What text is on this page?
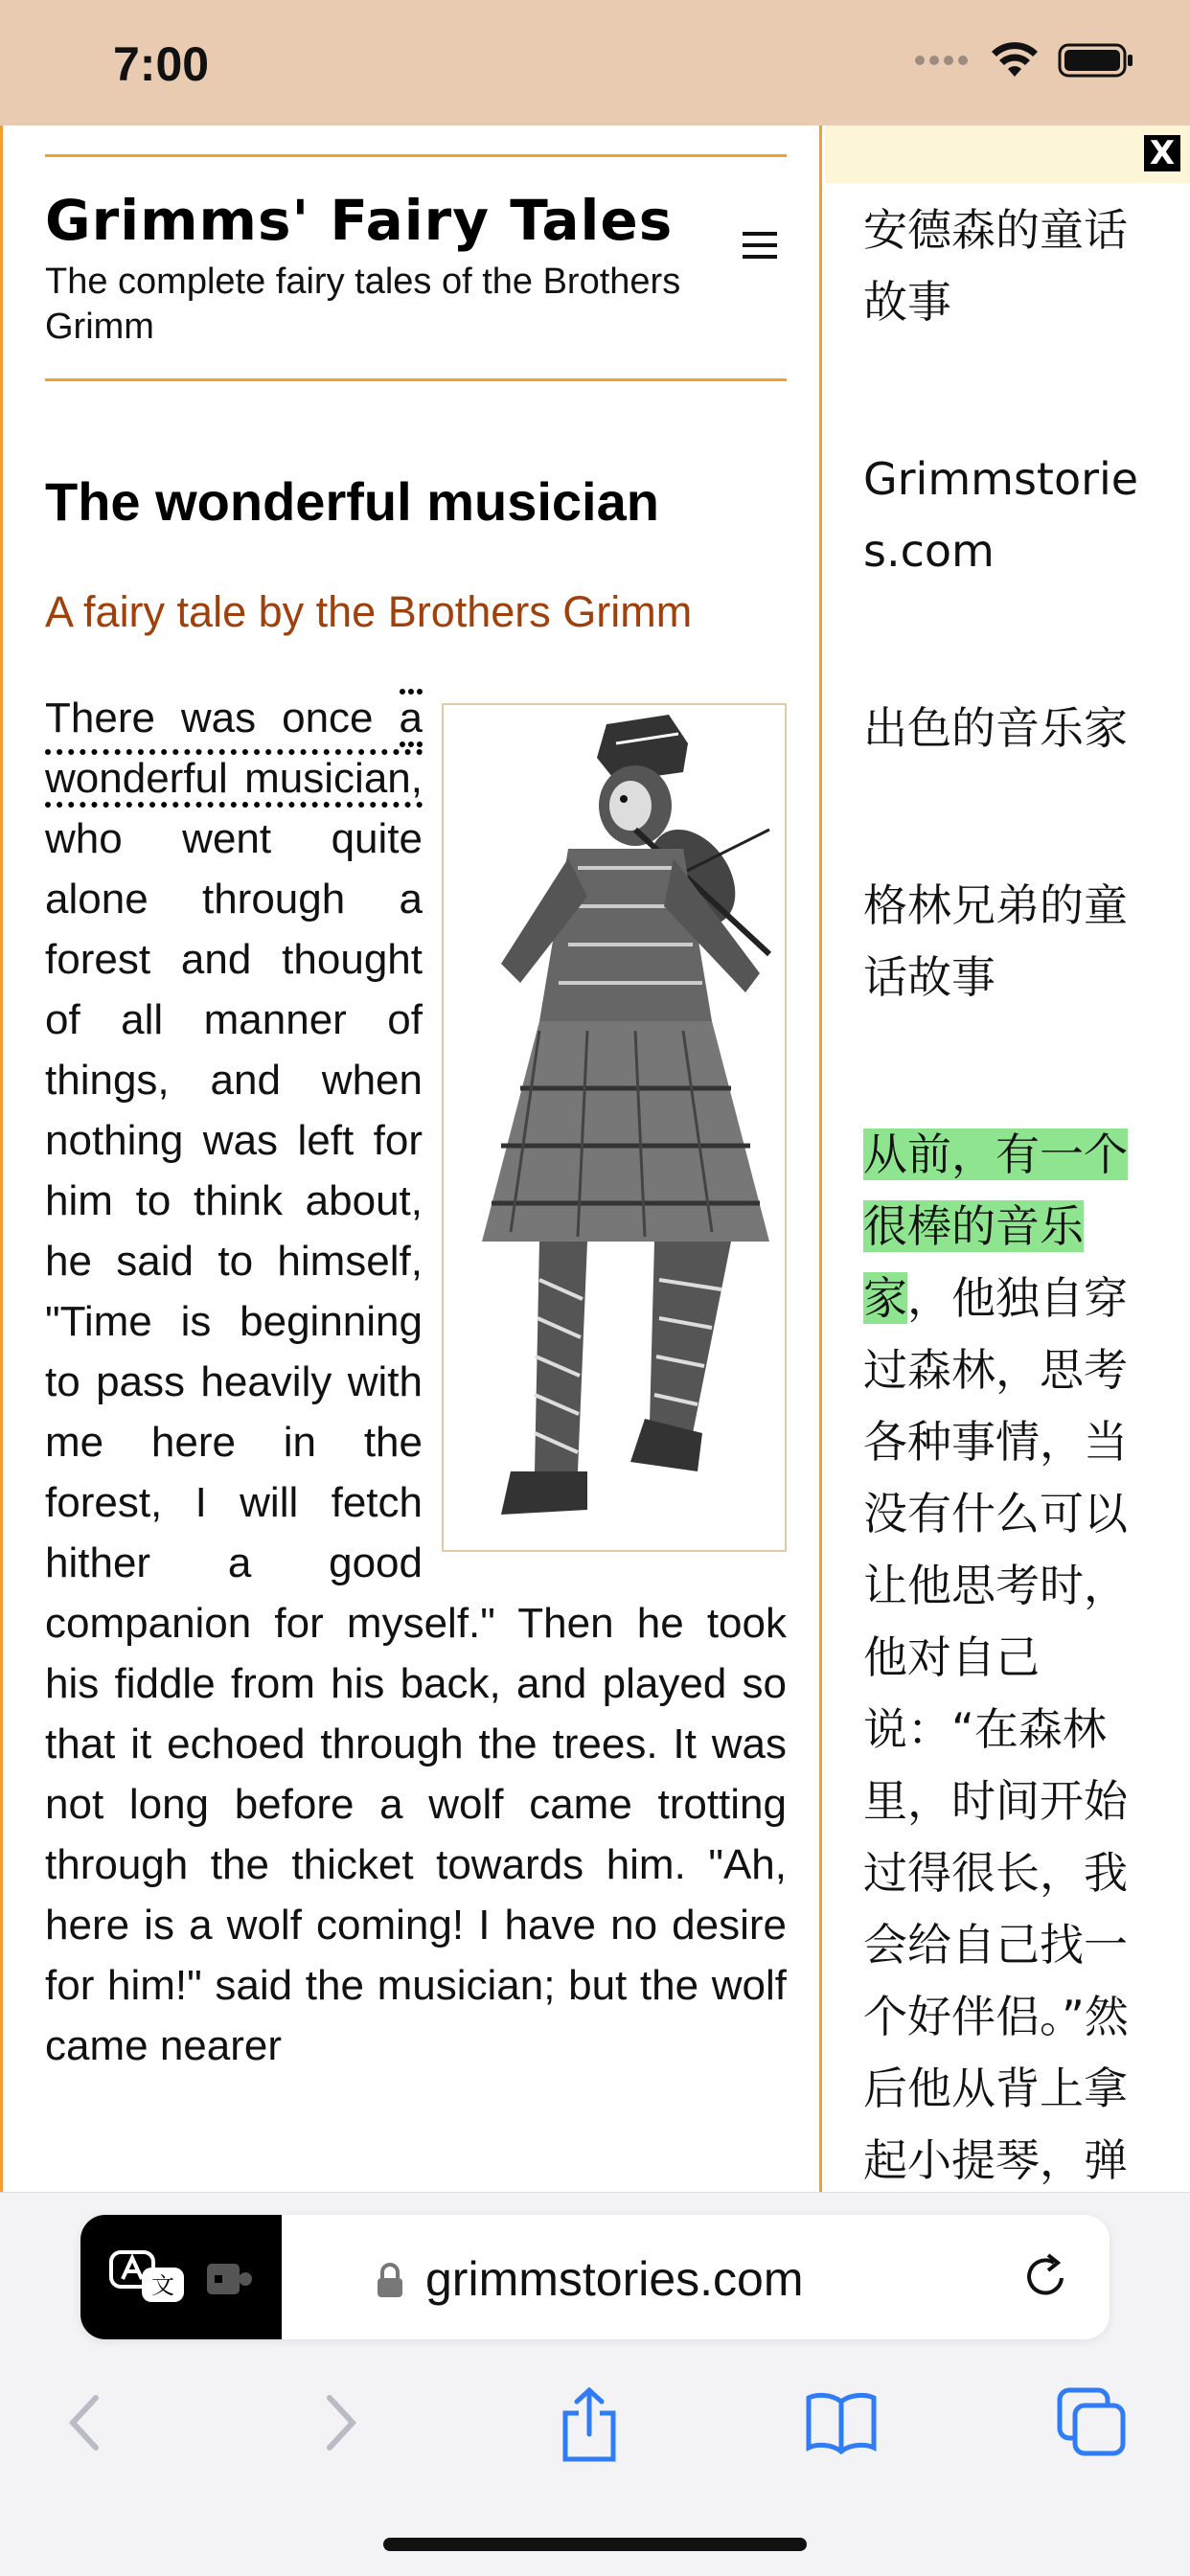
7:00
Grimms' Fairy Tales
The complete fairy tales of the Brothers Grimm
The wonderful musician
A fairy tale by the Brothers Grimm
There was once a wonderful musician, who went quite alone through a forest and thought of all manner of things, and when nothing was left for him to think about, he said to himself, "Time is beginning to pass heavily with me here in the forest, I will fetch hither a good companion for myself." Then he took his fiddle from his back, and played so that it echoed through the trees. It was not long before a wolf came trotting through the thicket towards him. "Ah, here is a wolf coming! I have no desire for him!" said the musician; but the wolf came nearer
X
安德森的童话故事
Grimmstories.com
出色的音乐家
格林兄弟的童话故事
从前，有一个很棒的音乐家，他独自穿过森林，思考各种事情，当没有什么可以让他思考时，他对自己说：“在森林里，时间开始过得很长，我会给自己找一个好伴侣。”然后他从背上拿起小提琴，弹
文	grimmstories.com
